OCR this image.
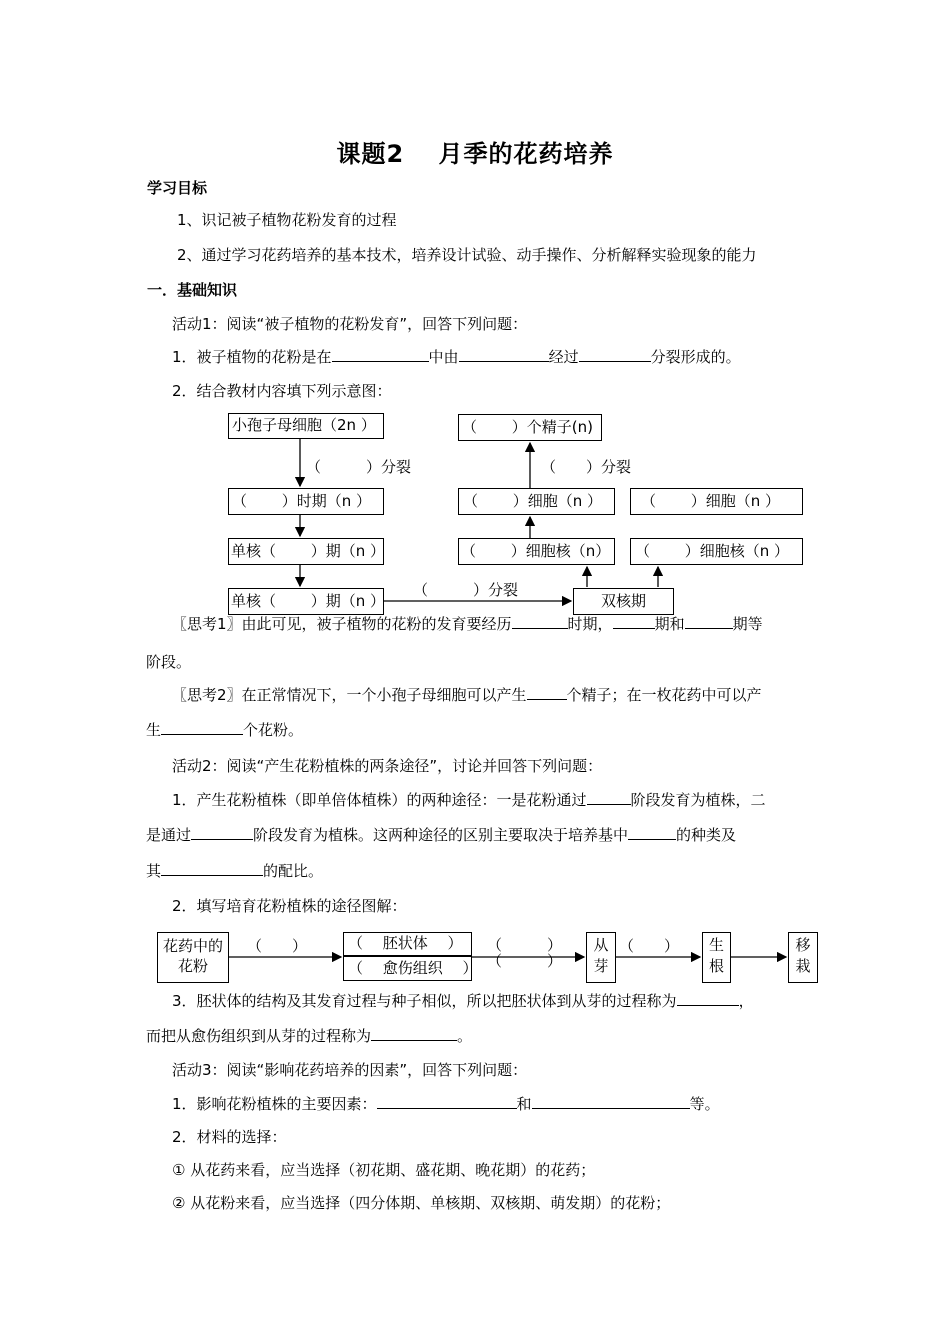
课题2　 月季的花药培养
学习目标
1、识记被子植物花粉发育的过程
2、通过学习花药培养的基本技术，培养设计试验、动手操作、分析解释实验现象的能力
一．基础知识
活动1：阅读“被子植物的花粉发育”，回答下列问题：
1．被子植物的花粉是在	中由	经过	分裂形成的。
2．结合教材内容填下列示意图：
小孢子母细胞（2n ）
（　　 ）时期（n ）
单核（　　 ）期（n ）
单核（　　 ）期（n ）	双核期
（　　 ）细胞核（n）	（　　 ）细胞核（n ）
（　　 ）细胞（n ）	（　　 ）细胞（n ）
（　　 ）个精子(n)
（　　　）分裂
（　　　）分裂
（　　）分裂
〖思考1〗由此可见，被子植物的花粉的发育要经历	时期，	期和	期等
阶段。
〖思考2〗在正常情况下，一个小孢子母细胞可以产生	个精子；在一枚花药中可以产
生	个花粉。
活动2：阅读“产生花粉植株的两条途径”，讨论并回答下列问题：
1．产生花粉植株（即单倍体植株）的两种途径：一是花粉通过	阶段发育为植株，二
是通过	阶段发育为植株。这两种途径的区别主要取决于培养基中	的种类及
其	的配比。
2．填写培育花粉植株的途径图解：
花药中的花粉
（　 胚状体　 ）
（　 愈伤组织　 ）
从芽
生根
移栽
（　　）	（　　　）
（　　　）
（　　）
3．胚状体的结构及其发育过程与种子相似，所以把胚状体到从芽的过程称为	，
而把从愈伤组织到从芽的过程称为	。
活动3：阅读“影响花药培养的因素”，回答下列问题：
1．影响花粉植株的主要因素：	和	等。
2．材料的选择：
① 从花药来看，应当选择（初花期、盛花期、晚花期）的花药；
② 从花粉来看，应当选择（四分体期、单核期、双核期、萌发期）的花粉；
